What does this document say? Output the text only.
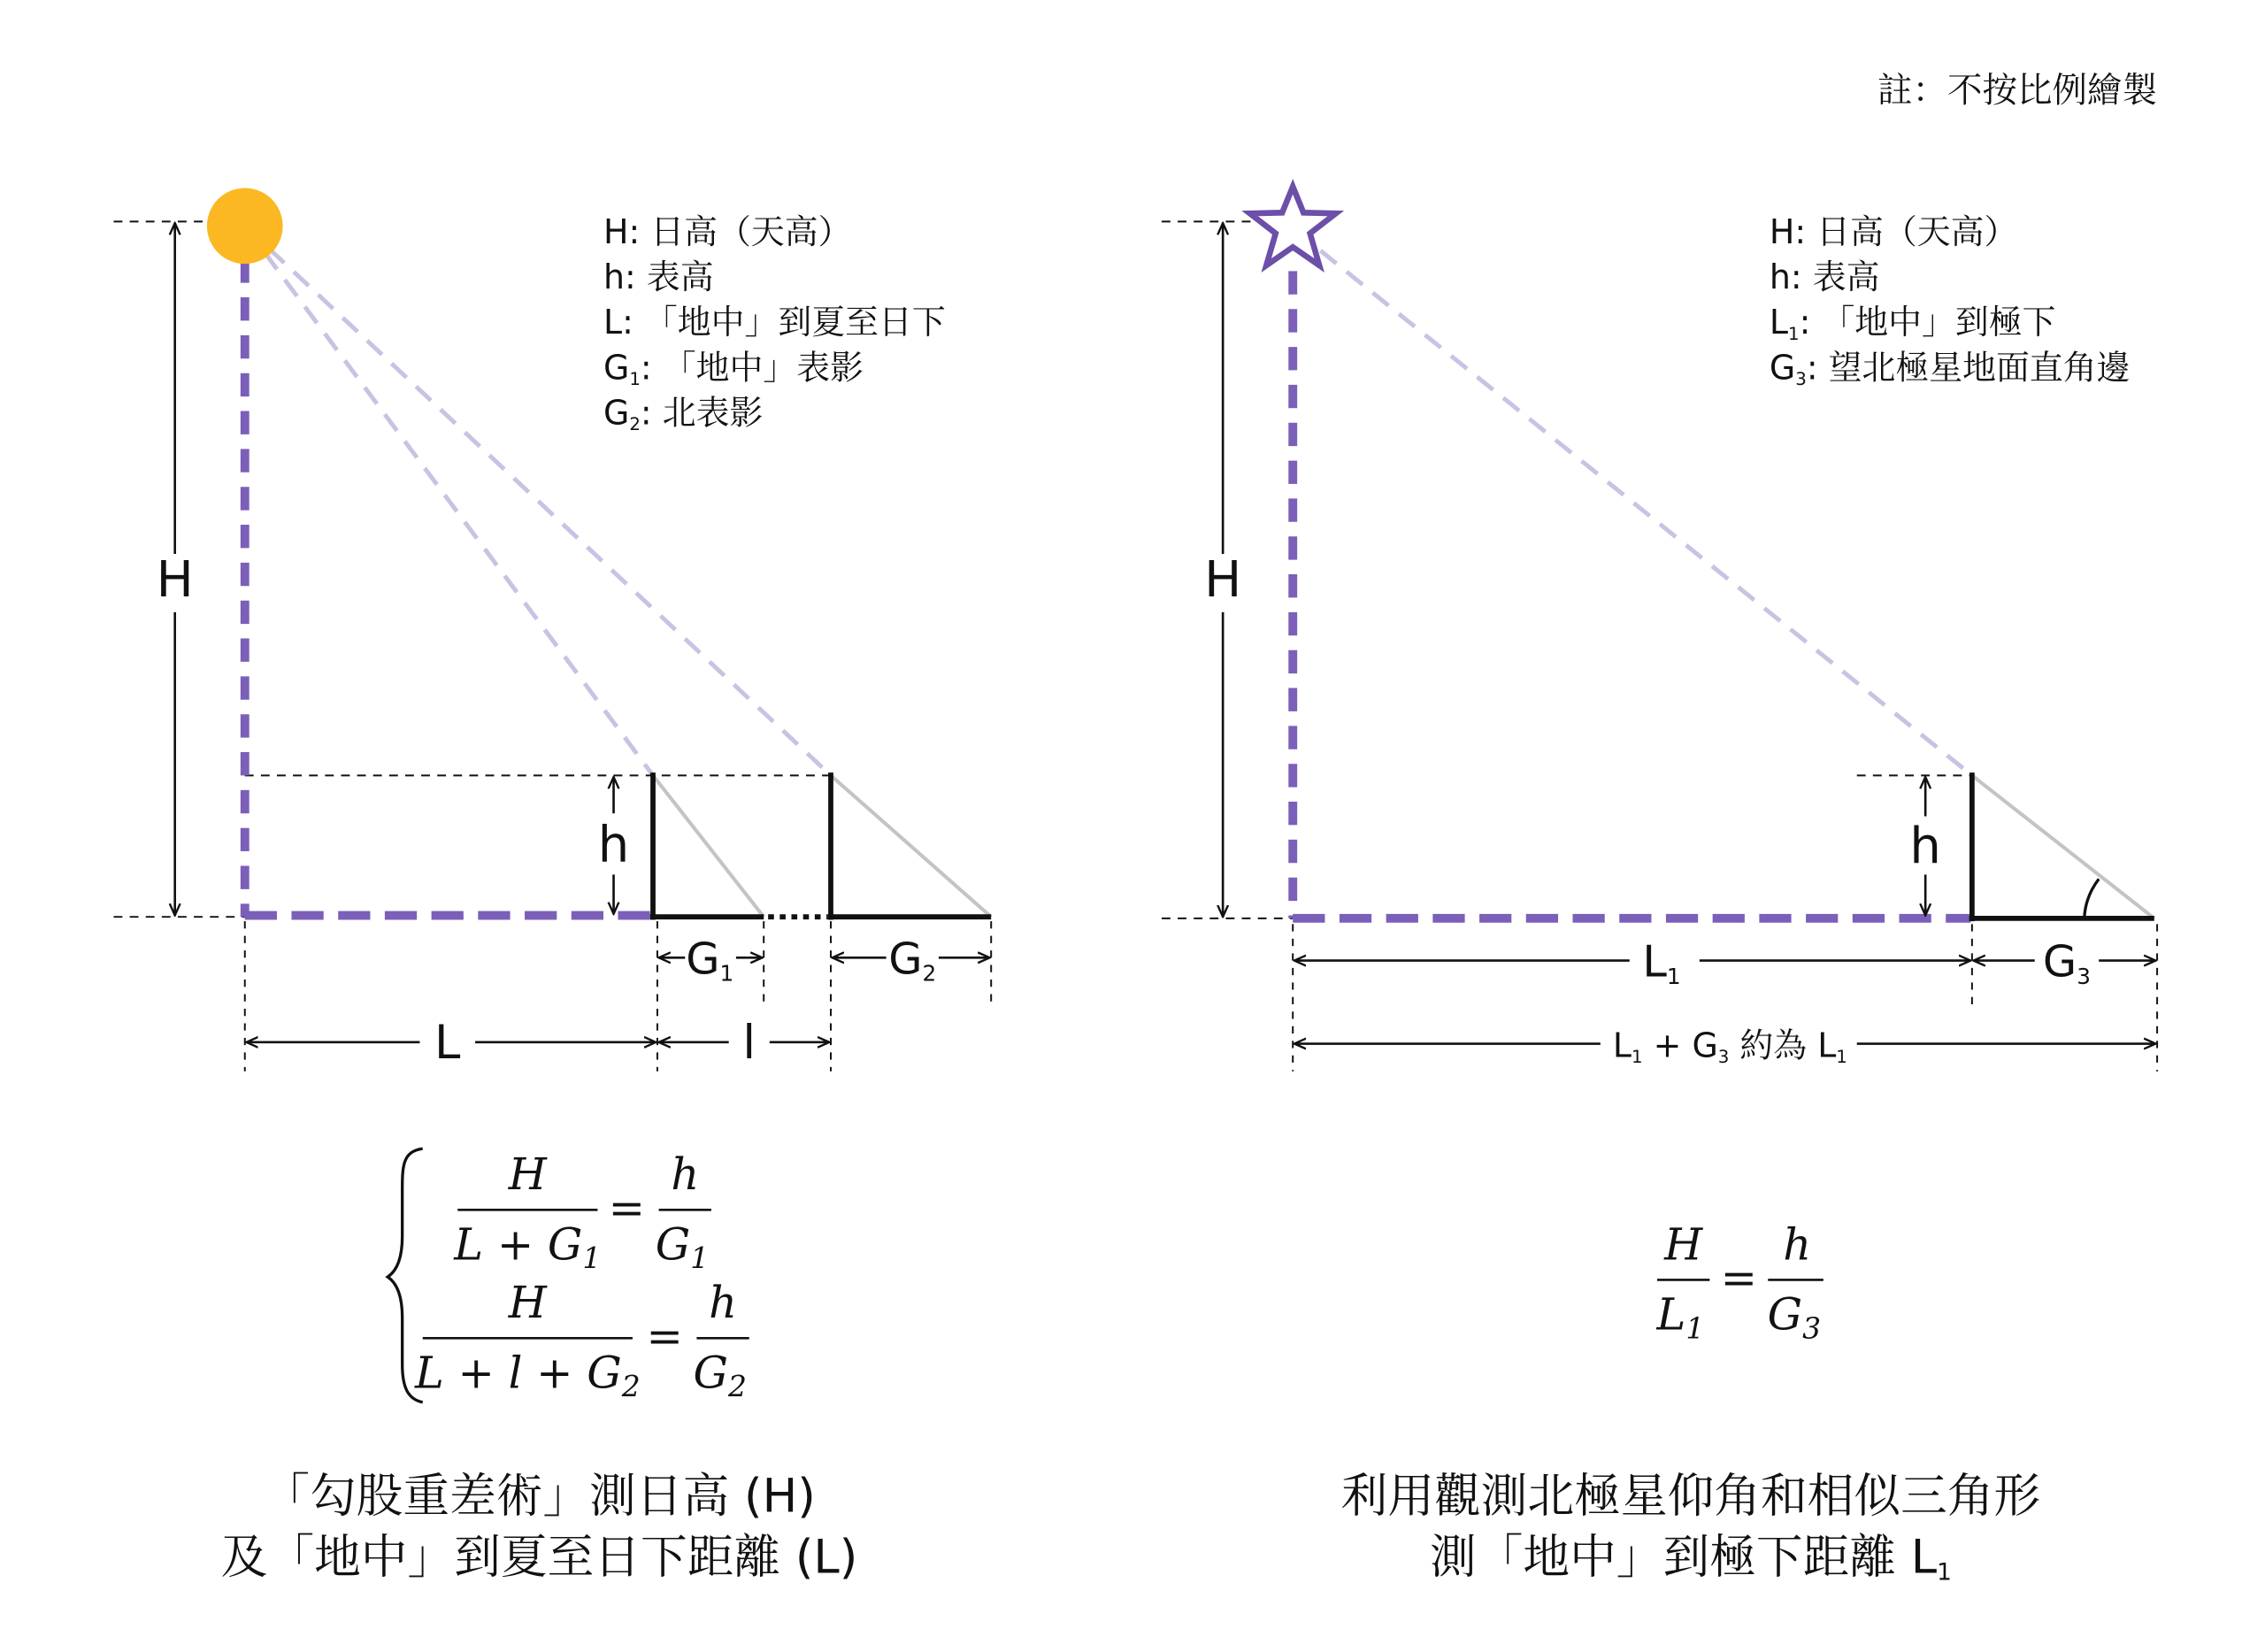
註：不按比例繪製
H
h
G1	G2
L	l
H: 日高（天高）
h: 表高
L: 「地中」到夏至日下
G1: 「地中」表影
G2: 北表影
H
$L + G_1$
=
h
$G_1$
H
$L + l + G_2$
=
h
$G_2$
「勾股重差術」測日高 (H)
及「地中」到夏至日下距離 (L)
H
h
L1	G3
L1 + G3 約為 L1
H: 日高（天高）
h: 表高
L1: 「地中」到極下
G3: 望北極星地面直角邊
H
$L_1$
=
h
$G_3$
利用觀測北極星仰角和相似三角形
測「地中」到極下距離 L1
